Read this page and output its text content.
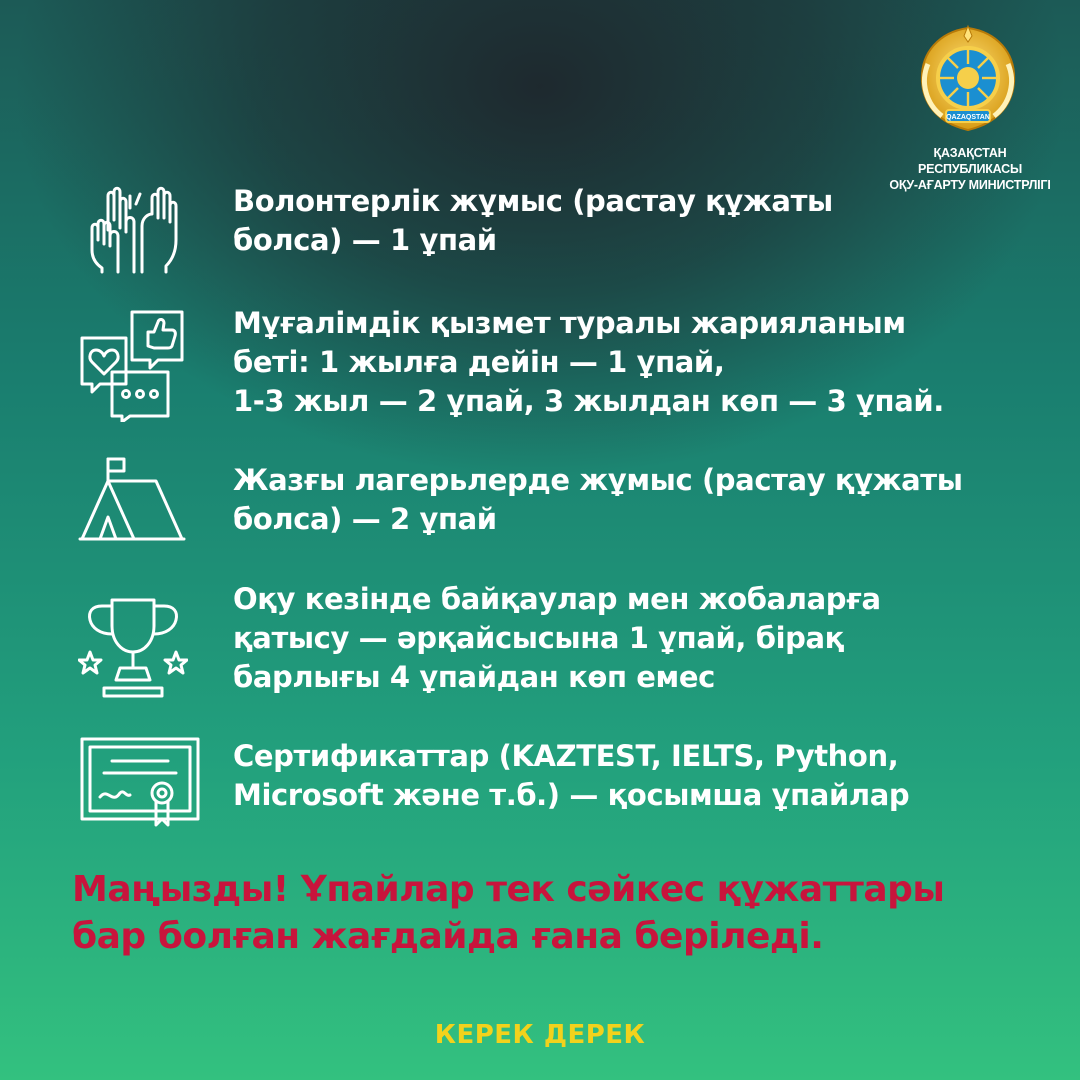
QAZAQSTAN
ҚАЗАҚСТАН РЕСПУБЛИКАСЫ
ОҚУ-АҒАРТУ МИНИСТРЛІГІ
Волонтерлік жұмыс (растау құжаты
болса) — 1 ұпай
Мұғалімдік қызмет туралы жарияланым
беті: 1 жылға дейін — 1 ұпай,
1-3 жыл — 2 ұпай, 3 жылдан көп — 3 ұпай.
Жазғы лагерьлерде жұмыс (растау құжаты
болса) — 2 ұпай
Оқу кезінде байқаулар мен жобаларға
қатысу — әрқайсысына 1 ұпай, бірақ
барлығы 4 ұпайдан көп емес
Сертификаттар (KAZTEST, IELTS, Python,
Microsoft және т.б.) — қосымша ұпайлар
Маңызды! Ұпайлар тек сәйкес құжаттары
бар болған жағдайда ғана беріледі.
КЕРЕК ДЕРЕК
